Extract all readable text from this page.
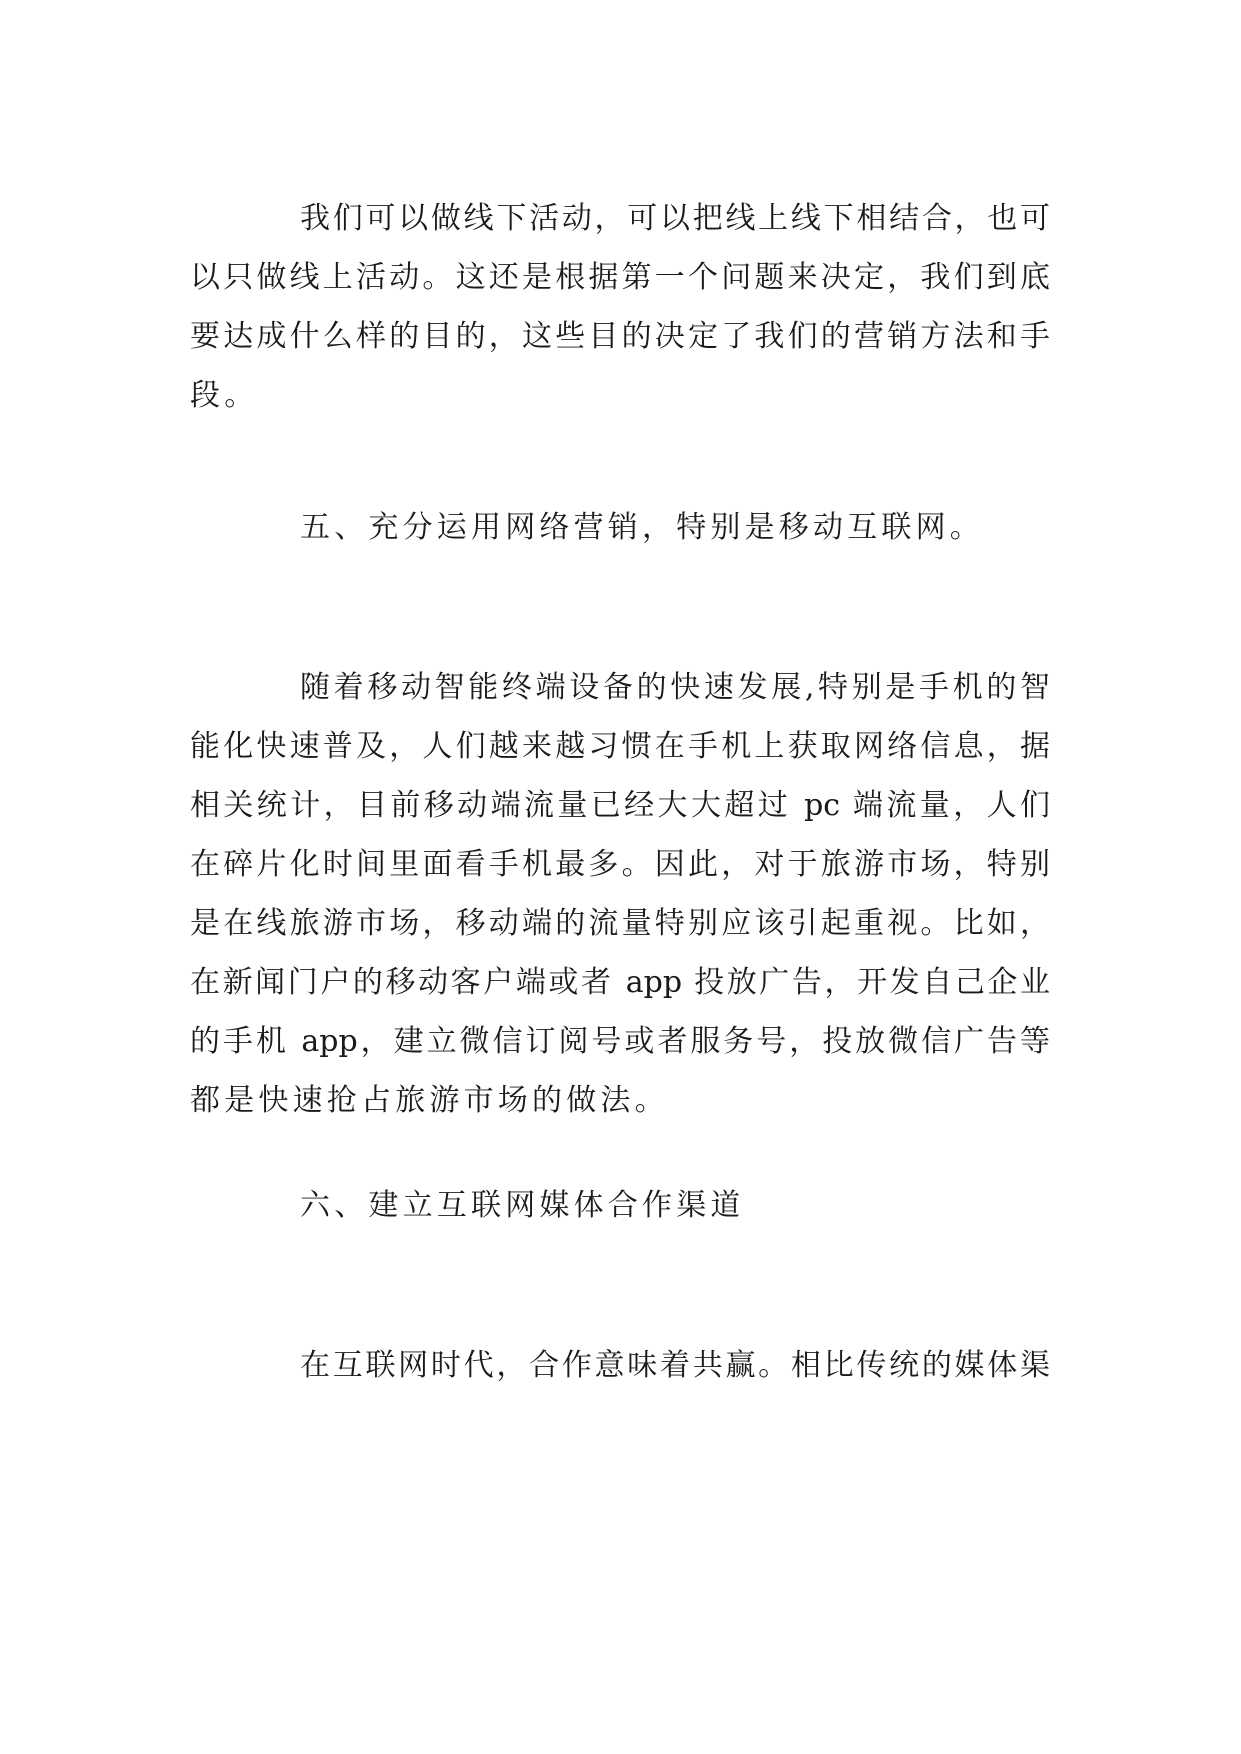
我们可以做线下活动，可以把线上线下相结合，也可
以只做线上活动。这还是根据第一个问题来决定，我们到底
要达成什么样的目的，这些目的决定了我们的营销方法和手
段。
五、充分运用网络营销，特别是移动互联网。
随着移动智能终端设备的快速发展,特别是手机的智
能化快速普及，人们越来越习惯在手机上获取网络信息，据
相关统计，目前移动端流量已经大大超过 pc 端流量，人们
在碎片化时间里面看手机最多。因此，对于旅游市场，特别
是在线旅游市场，移动端的流量特别应该引起重视。比如，
在新闻门户的移动客户端或者 app 投放广告，开发自己企业
的手机 app，建立微信订阅号或者服务号，投放微信广告等
都是快速抢占旅游市场的做法。
六、建立互联网媒体合作渠道
在互联网时代，合作意味着共赢。相比传统的媒体渠
